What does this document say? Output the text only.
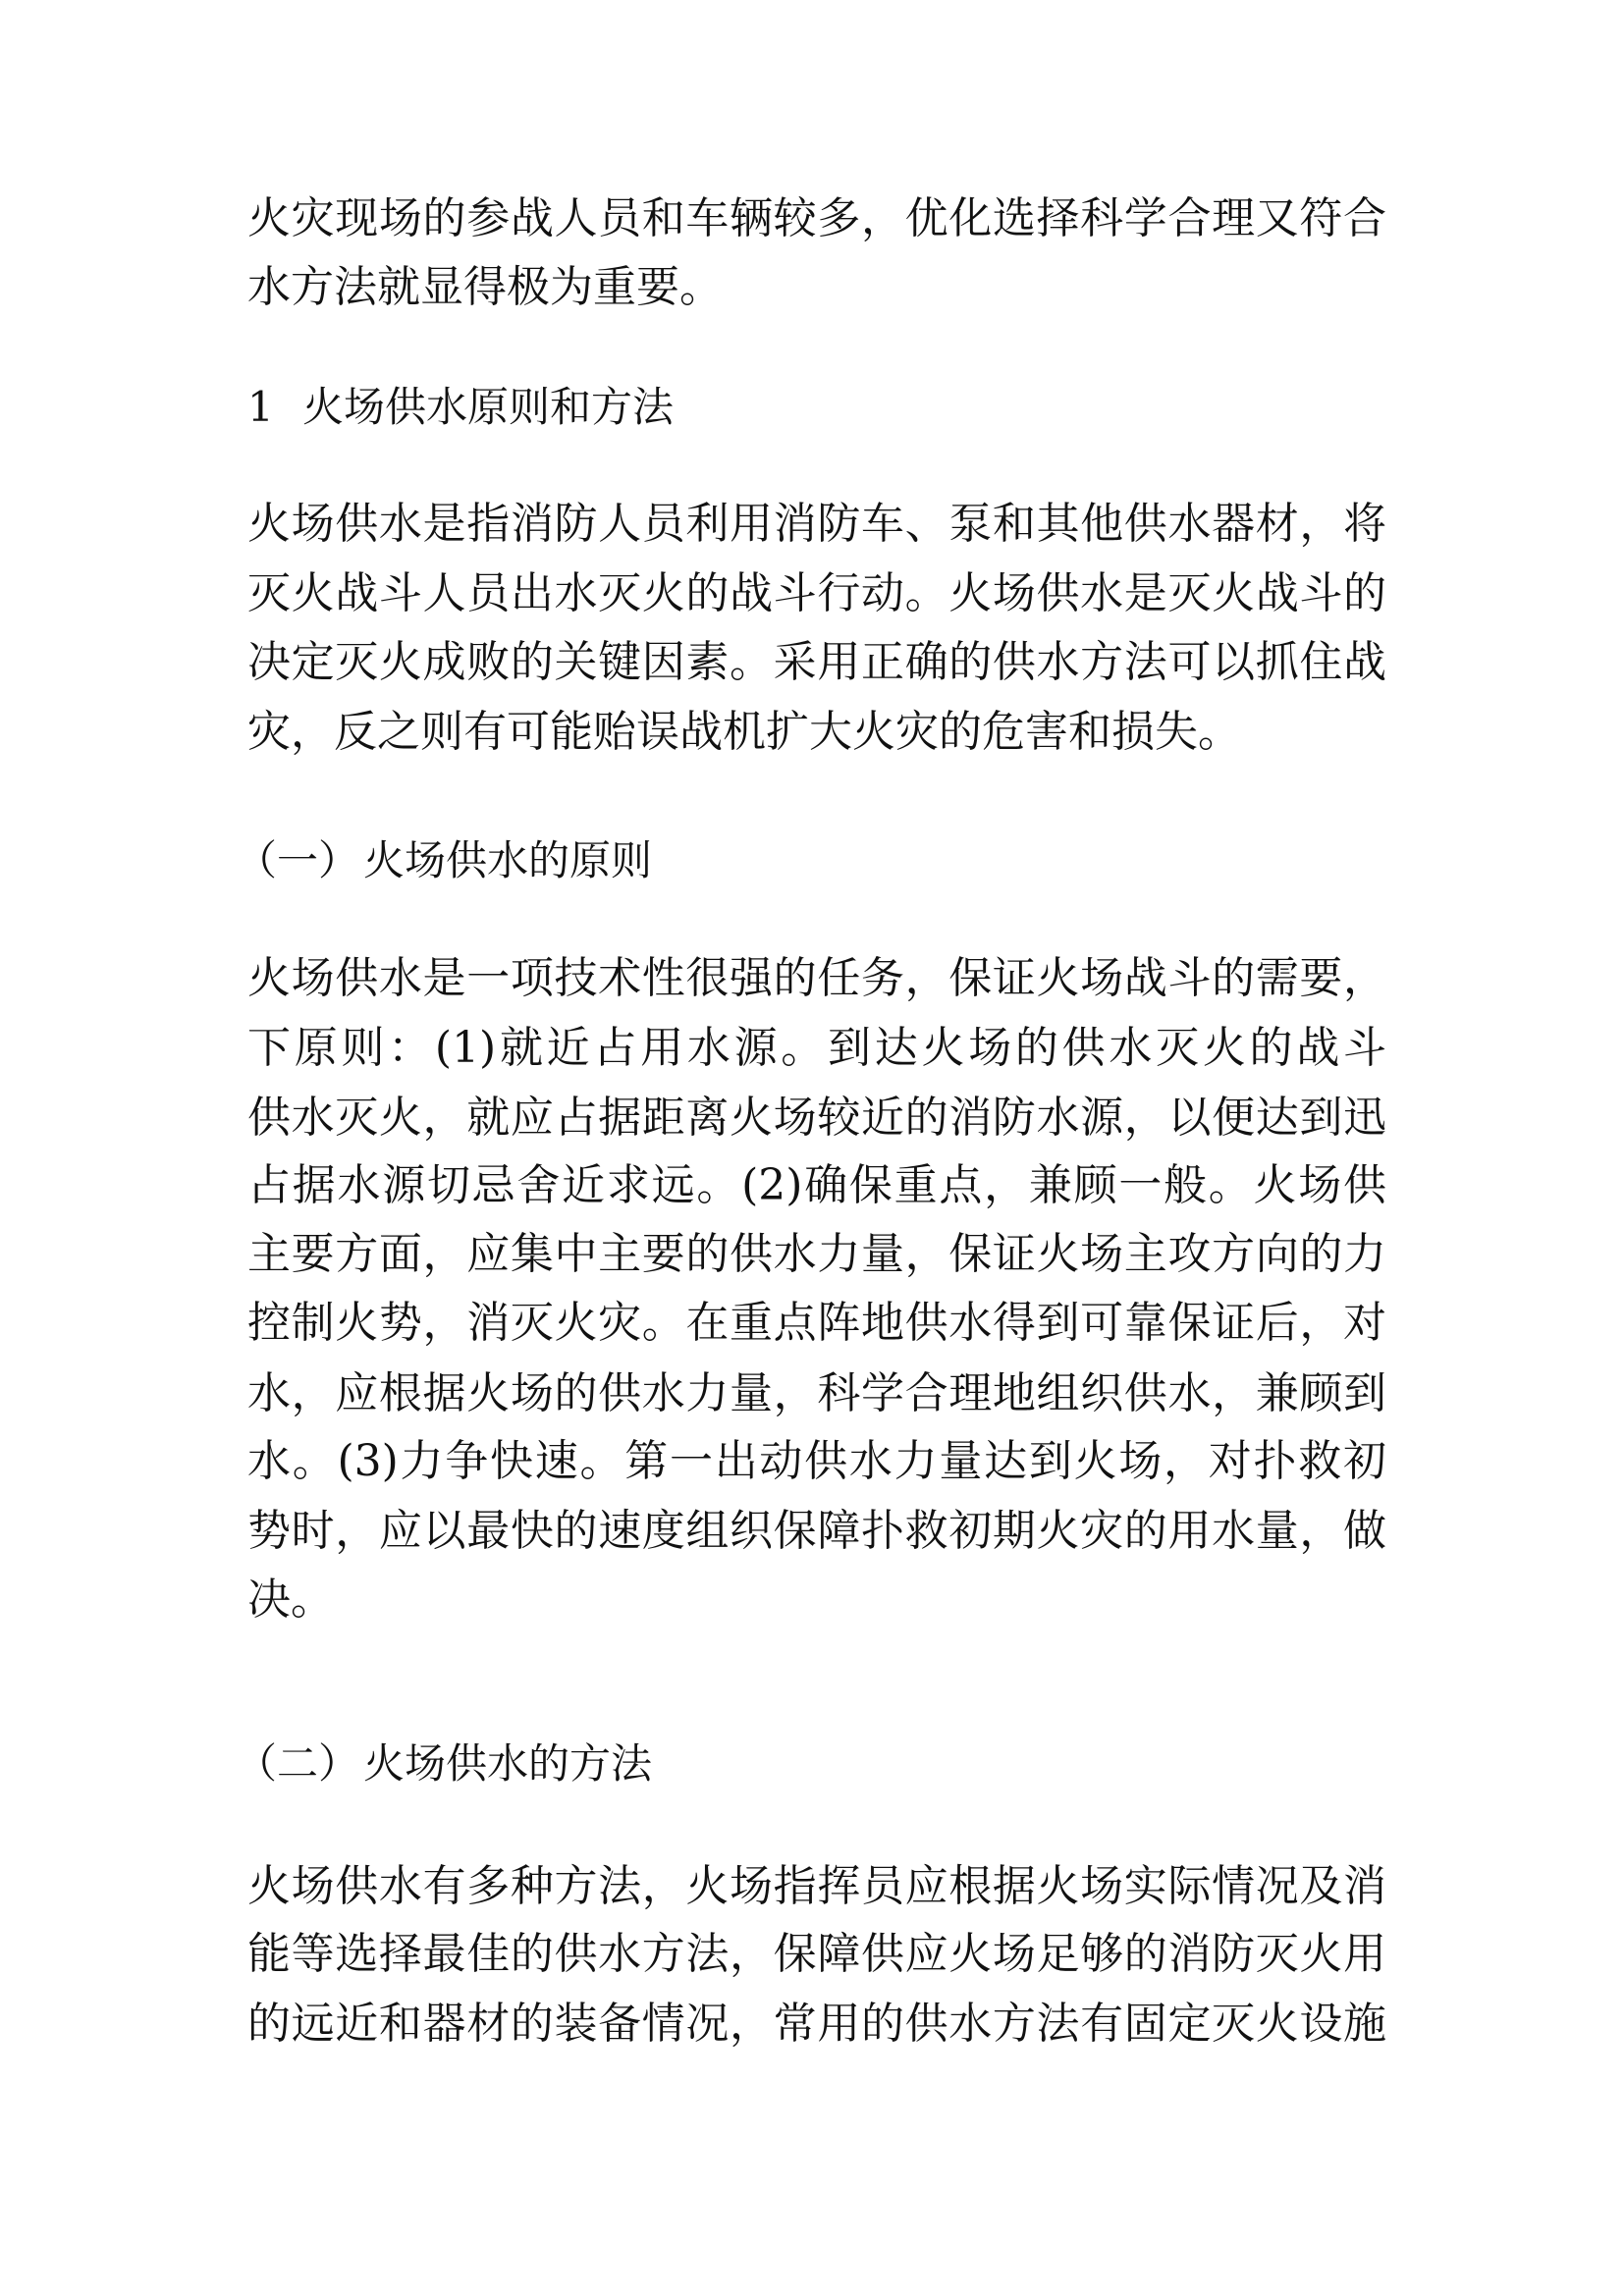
火灾现场的参战人员和车辆较多，优化选择科学合理又符合
水方法就显得极为重要。
1 火场供水原则和方法
火场供水是指消防人员利用消防车、泵和其他供水器材，将
灭火战斗人员出水灭火的战斗行动。火场供水是灭火战斗的
决定灭火成败的关键因素。采用正确的供水方法可以抓住战
灾，反之则有可能贻误战机扩大火灾的危害和损失。
（一）火场供水的原则
火场供水是一项技术性很强的任务，保证火场战斗的需要，
下原则：(1)就近占用水源。到达火场的供水灭火的战斗
供水灭火，就应占据距离火场较近的消防水源，以便达到迅
占据水源切忌舍近求远。(2)确保重点，兼顾一般。火场供
主要方面，应集中主要的供水力量，保证火场主攻方向的力
控制火势，消灭火灾。在重点阵地供水得到可靠保证后，对
水，应根据火场的供水力量，科学合理地组织供水，兼顾到
水。(3)力争快速。第一出动供水力量达到火场，对扑救初
势时，应以最快的速度组织保障扑救初期火灾的用水量，做
决。
（二）火场供水的方法
火场供水有多种方法，火场指挥员应根据火场实际情况及消
能等选择最佳的供水方法，保障供应火场足够的消防灭火用
的远近和器材的装备情况，常用的供水方法有固定灭火设施
